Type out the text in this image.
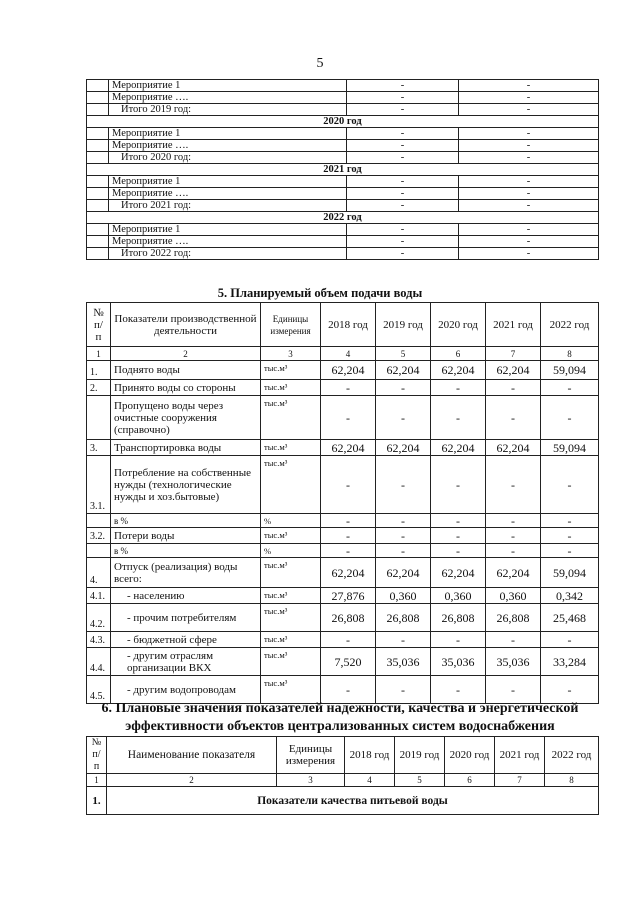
5
	Мероприятие 1	-	-
	Мероприятие ….	-	-
	Итого 2019 год:	-	-
2020 год			
	Мероприятие 1	-	-
	Мероприятие ….	-	-
	Итого 2020 год:	-	-
2021 год			
	Мероприятие 1	-	-
	Мероприятие ….	-	-
	Итого 2021 год:	-	-
2022 год			
	Мероприятие 1	-	-
	Мероприятие ….	-	-
	Итого 2022 год:	-	-
5. Планируемый объем подачи воды
№ п/ п	Показатели производственной деятельности	Единицы измерения	2018 год	2019 год	2020 год	2021 год	2022 год
1	2	3	4	5	6	7	8
1.	Поднято воды	тыс.м³	62,204	62,204	62,204	62,204	59,094
2.	Принято воды со стороны	тыс.м³	-	-	-	-	-
	Пропущено воды через очистные сооружения (справочно)	тыс.м³	-	-	-	-	-
3.	Транспортировка воды	тыс.м³	62,204	62,204	62,204	62,204	59,094
3.1.	Потребление на собственные нужды (технологические нужды и хоз.бытовые)	тыс.м³	-	-	-	-	-
	в %	%	-	-	-	-	-
3.2.	Потери воды	тыс.м³	-	-	-	-	-
	в %	%	-	-	-	-	-
4.	Отпуск (реализация) воды всего:	тыс.м³	62,204	62,204	62,204	62,204	59,094
4.1.	- населению	тыс.м³	27,876	0,360	0,360	0,360	0,342
4.2.	- прочим потребителям	тыс.м³	26,808	26,808	26,808	26,808	25,468
4.3.	- бюджетной сфере	тыс.м³	-	-	-	-	-
4.4.	- другим отраслям организации ВКХ	тыс.м³	7,520	35,036	35,036	35,036	33,284
4.5.	- другим водопроводам	тыс.м³	-	-	-	-	-
6. Плановые значения показателей надежности, качества и энергетической эффективности объектов централизованных систем водоснабжения
№ п/п	Наименование показателя	Единицы измерения	2018 год	2019 год	2020 год	2021 год	2022 год
1	2	3	4	5	6	7	8
1.	Показатели качества питьевой воды						
